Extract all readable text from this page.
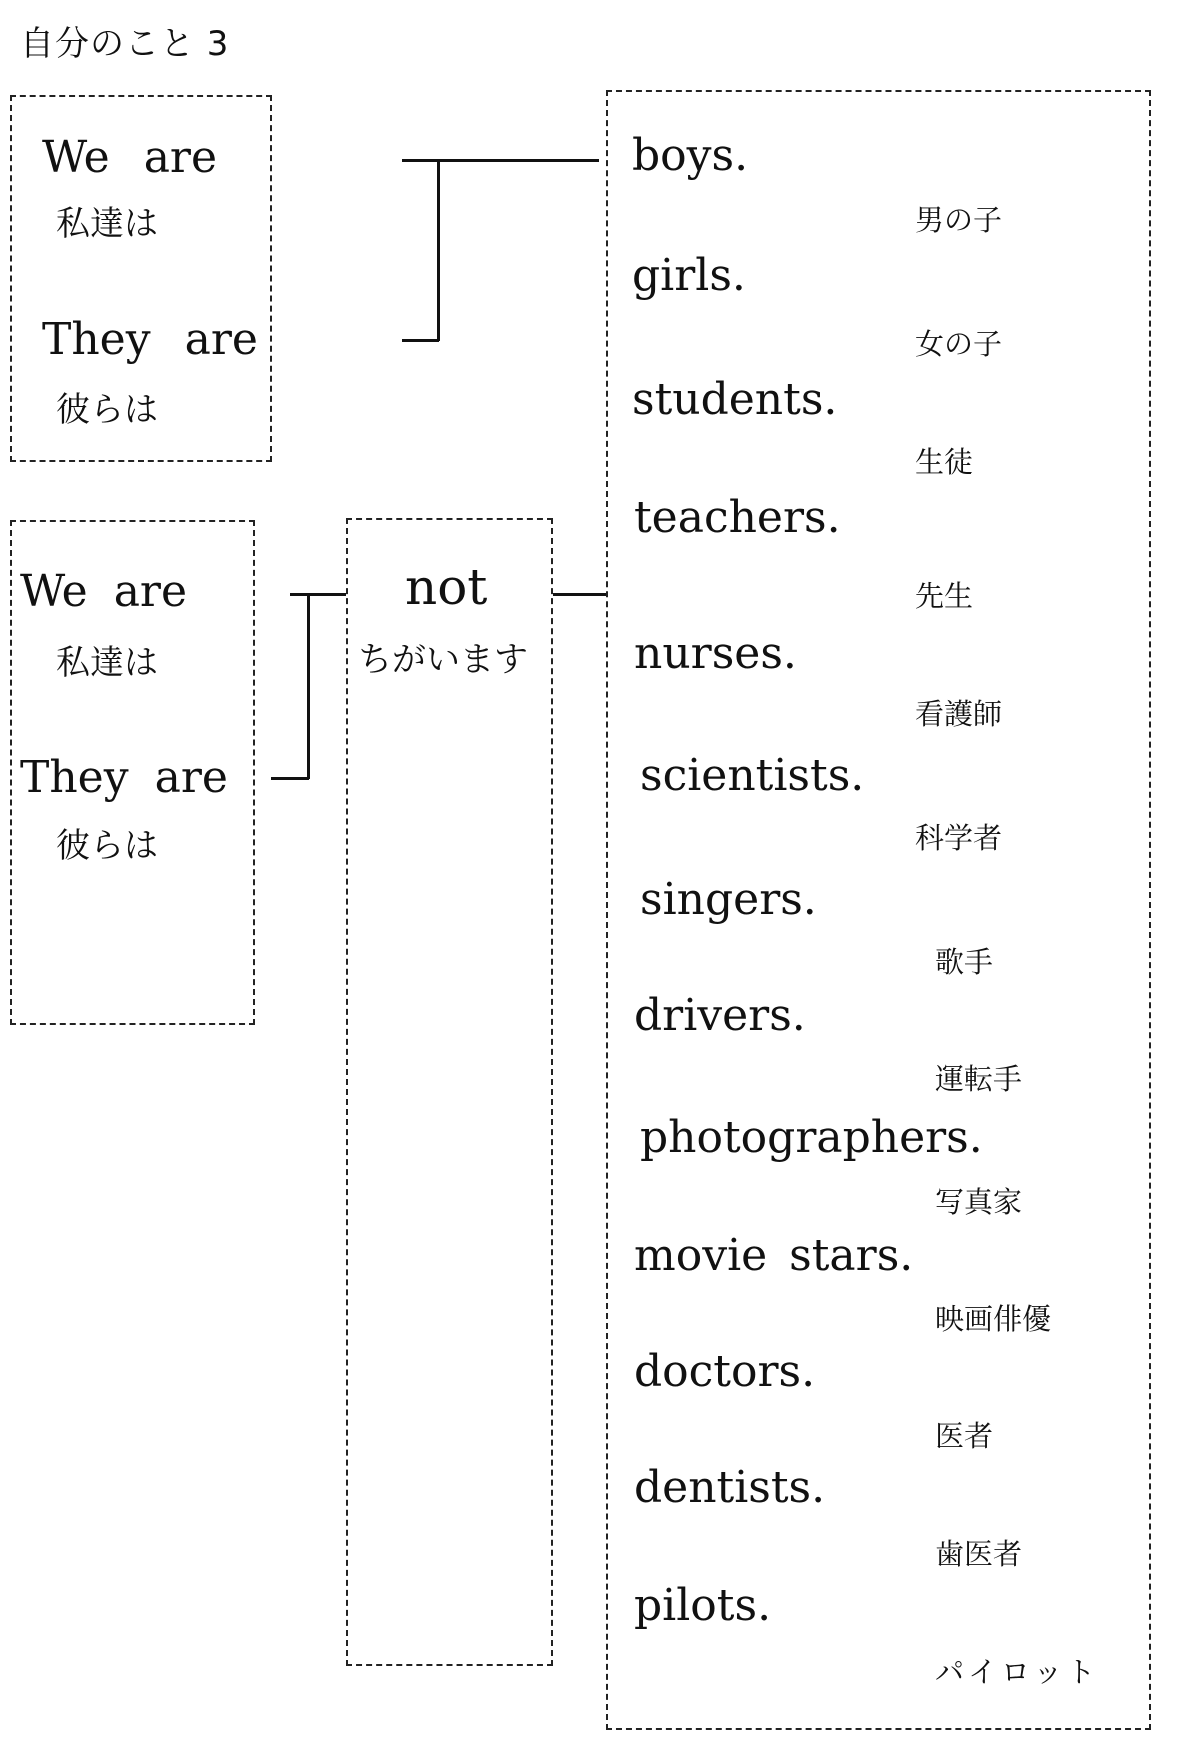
自分のこと 3
We are
私達は
They are
彼らは
We are
私達は
They are
彼らは
not
ちがいます
boys.
男の子
girls.
女の子
students.
生徒
teachers.
先生
nurses.
看護師
scientists.
科学者
singers.
歌手
drivers.
運転手
photographers.
写真家
movie stars.
映画俳優
doctors.
医者
dentists.
歯医者
pilots.
パイロット
